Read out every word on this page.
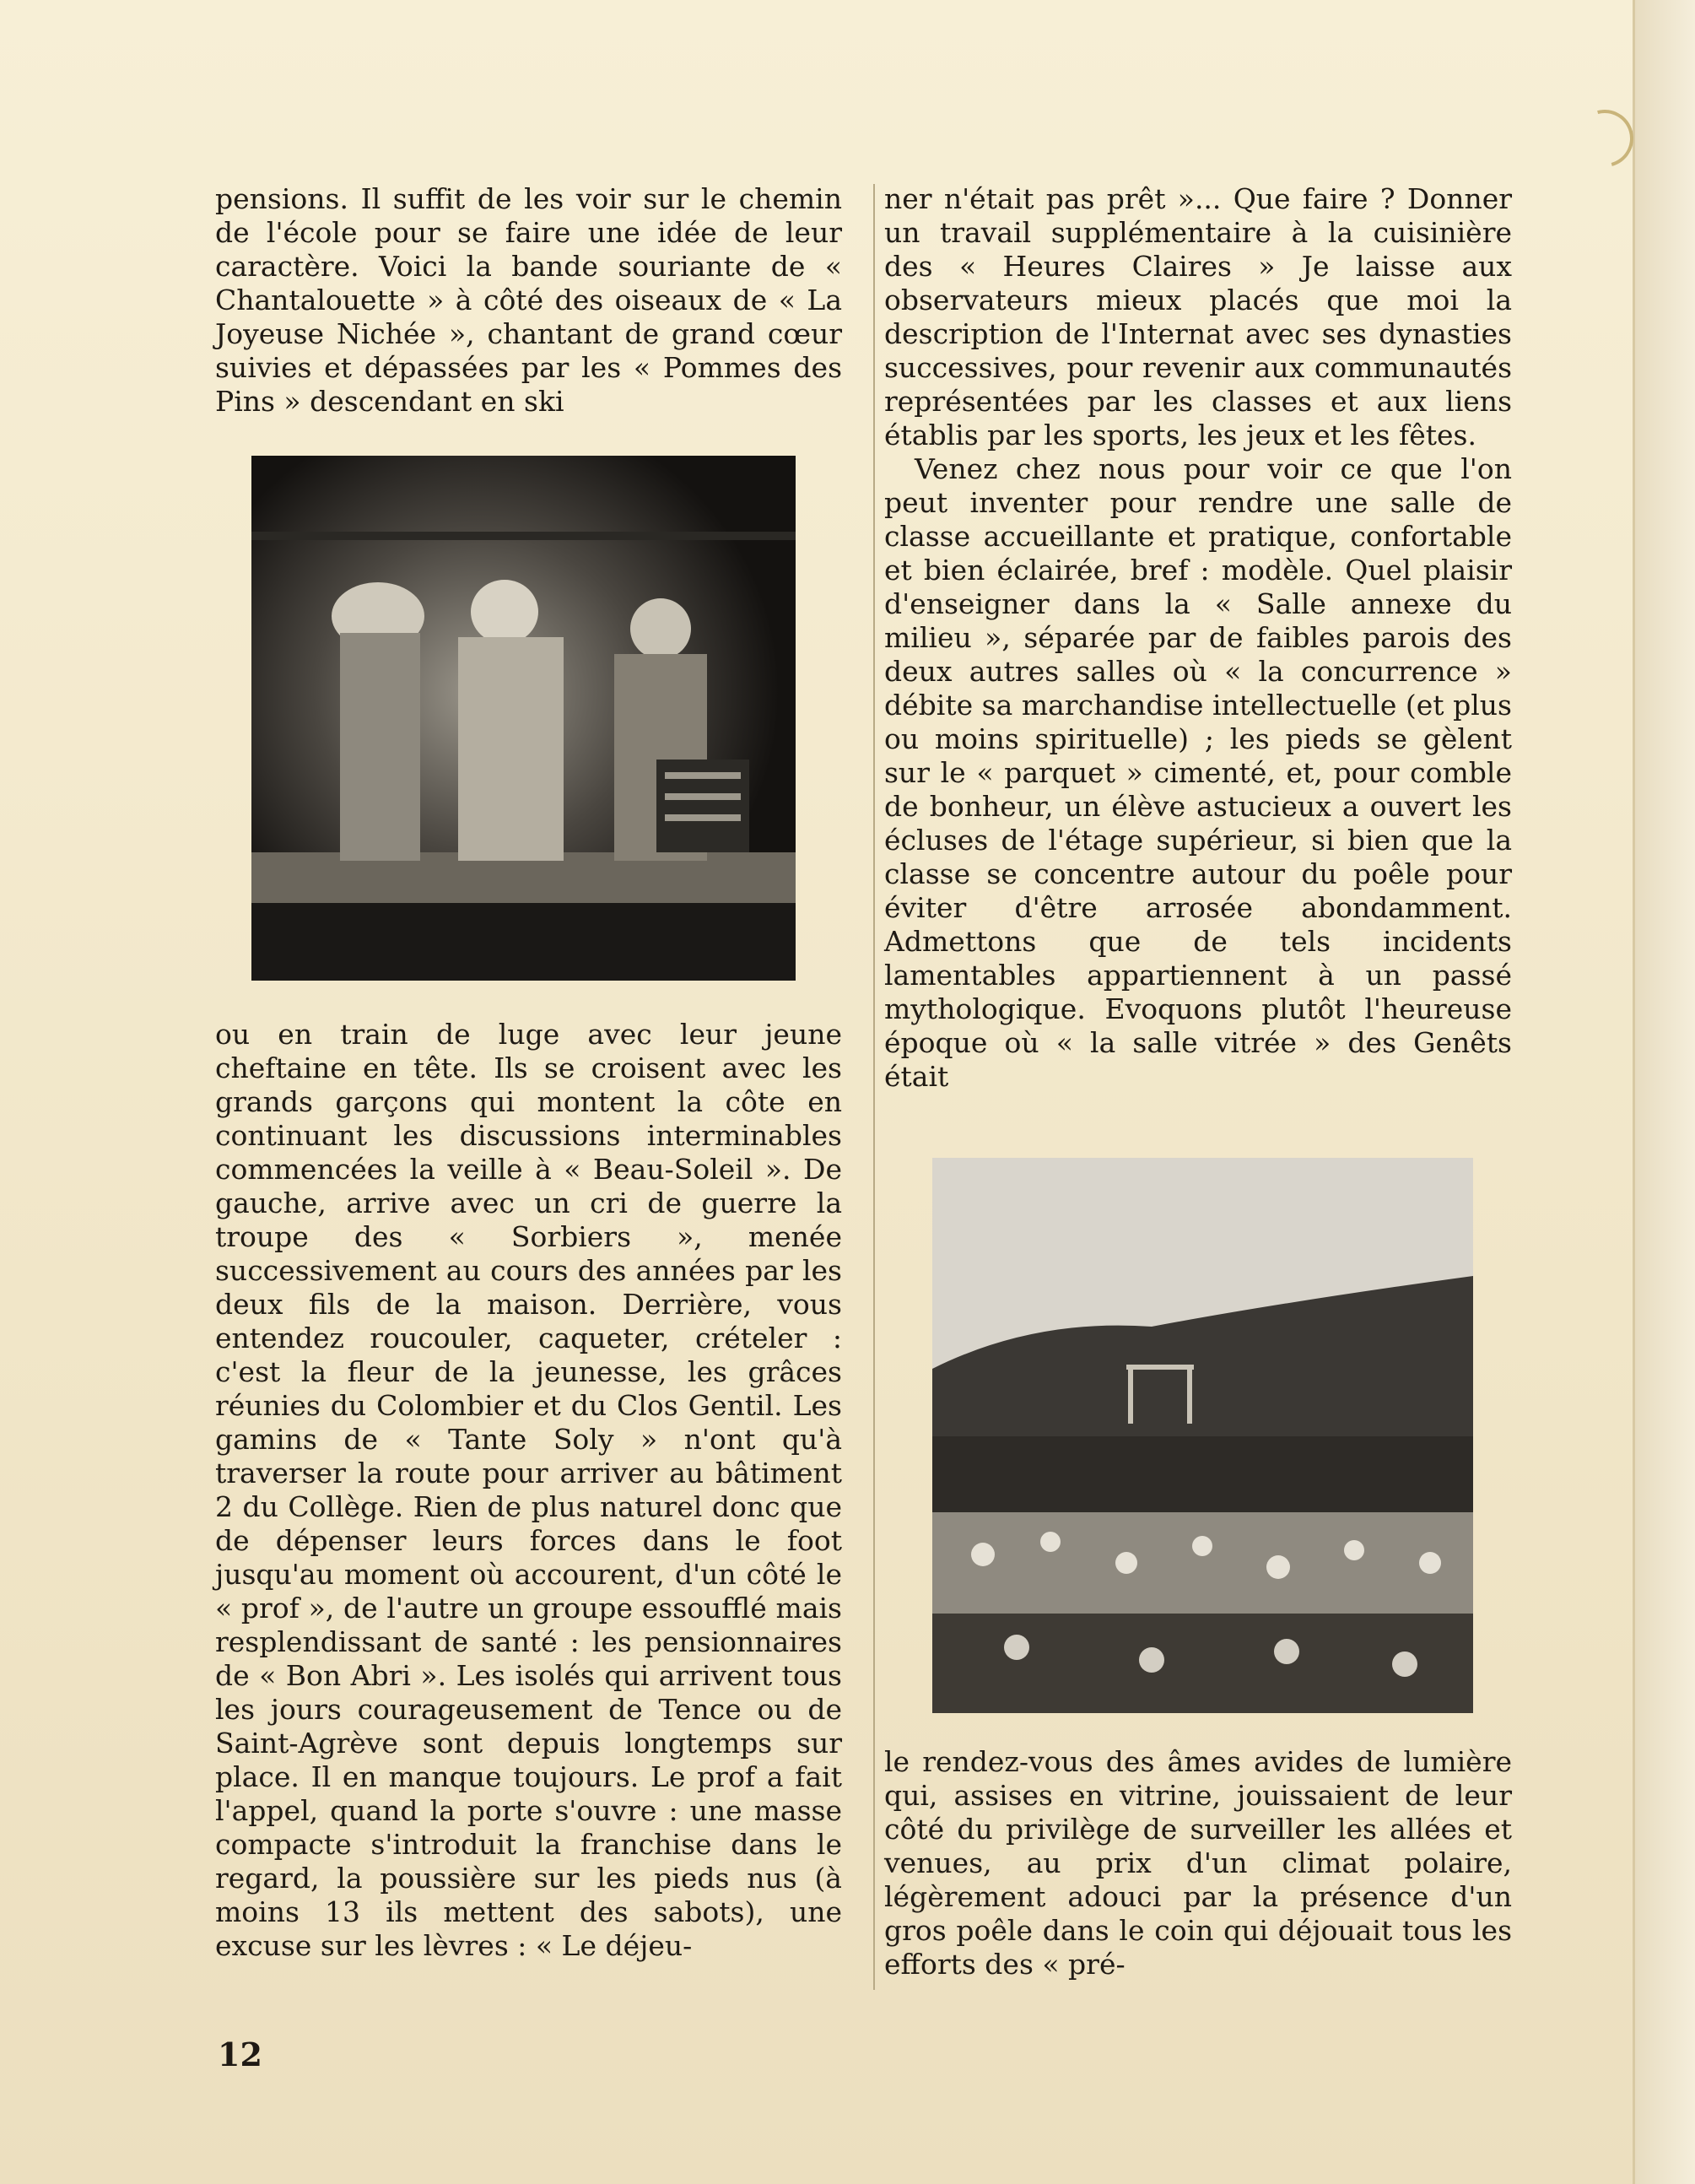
pensions. Il suffit de les voir sur le chemin de l'école pour se faire une idée de leur caractère. Voici la bande souriante de « Chantalouette » à côté des oiseaux de « La Joyeuse Nichée », chantant de grand cœur suivies et dépassées par les « Pommes des Pins » descendant en ski

ou en train de luge avec leur jeune cheftaine en tête. Ils se croisent avec les grands garçons qui montent la côte en continuant les discussions interminables commencées la veille à « Beau-Soleil ». De gauche, arrive avec un cri de guerre la troupe des « Sorbiers », menée successivement au cours des années par les deux fils de la maison. Derrière, vous entendez roucouler, caqueter, crételer : c'est la fleur de la jeunesse, les grâces réunies du Colombier et du Clos Gentil. Les gamins de « Tante Soly » n'ont qu'à traverser la route pour arriver au bâtiment 2 du Collège. Rien de plus naturel donc que de dépenser leurs forces dans le foot jusqu'au moment où accourent, d'un côté le « prof », de l'autre un groupe essoufflé mais resplendissant de santé : les pensionnaires de « Bon Abri ». Les isolés qui arrivent tous les jours courageusement de Tence ou de Saint-Agrève sont depuis longtemps sur place. Il en manque toujours. Le prof a fait l'appel, quand la porte s'ouvre : une masse compacte s'introduit la franchise dans le regard, la poussière sur les pieds nus (à moins 13 ils mettent des sabots), une excuse sur les lèvres : « Le déjeu-

ner n'était pas prêt »... Que faire ? Donner un travail supplémentaire à la cuisinière des « Heures Claires » Je laisse aux observateurs mieux placés que moi la description de l'Internat avec ses dynasties successives, pour revenir aux communautés représentées par les classes et aux liens établis par les sports, les jeux et les fêtes.

Venez chez nous pour voir ce que l'on peut inventer pour rendre une salle de classe accueillante et pratique, confortable et bien éclairée, bref : modèle. Quel plaisir d'enseigner dans la « Salle annexe du milieu », séparée par de faibles parois des deux autres salles où « la concurrence » débite sa marchandise intellectuelle (et plus ou moins spirituelle) ; les pieds se gèlent sur le « parquet » cimenté, et, pour comble de bonheur, un élève astucieux a ouvert les écluses de l'étage supérieur, si bien que la classe se concentre autour du poêle pour éviter d'être arrosée abondamment. Admettons que de tels incidents lamentables appartiennent à un passé mythologique. Evoquons plutôt l'heureuse époque où « la salle vitrée » des Genêts était

le rendez-vous des âmes avides de lumière qui, assises en vitrine, jouissaient de leur côté du privilège de surveiller les allées et venues, au prix d'un climat polaire, légèrement adouci par la présence d'un gros poêle dans le coin qui déjouait tous les efforts des « pré-

12
